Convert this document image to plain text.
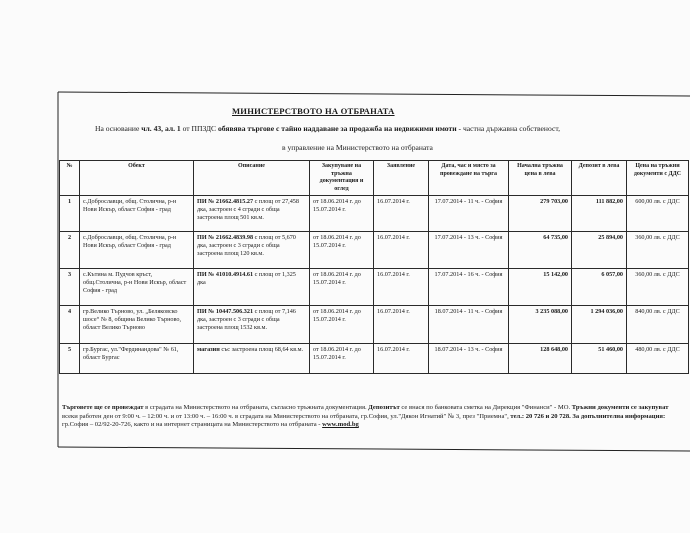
МИНИСТЕРСТВОТО НА ОТБРАНАТА
На основание чл. 43, ал. 1 от ППЗДС обявява търгове с тайно наддаване за продажба на недвижими имоти - частна държавна собственост,
в управление на Министерството на отбраната
№	Обект	Описание	Закупуване на тръжна документация и оглед	Заявление	Дата, час и място за провеждане на търга	Начална тръжна цена в лева	Депозит в лева	Цена на тръжни документи с ДДС
1	с.Доброславци, общ. Столична, р-н Нови Искър, област София - град	ПИ № 21662.4815.27 с площ от 27,458 дка, застроен с 4 сгради с обща застроена площ 501 кв.м.	от 18.06.2014 г. до 15.07.2014 г.	16.07.2014 г.	17.07.2014 - 11 ч. - София	279 703,00	111 882,00	600,00 лв. с ДДС
2	с.Доброславци, общ. Столична, р-н Нови Искър, област София - град	ПИ № 21662.4839.98 с площ от 5,670 дка, застроен с 3 сгради с обща застроена площ 120 кв.м.	от 18.06.2014 г. до 15.07.2014 г.	16.07.2014 г.	17.07.2014 - 13 ч. - София	64 735,00	25 894,00	360,00 лв. с ДДС
3	с.Кътина м. Пудчов кръст, общ.Столична, р-н Нови Искър, област София - град	ПИ № 41010.4914.61 с площ от 1,325 дка	от 18.06.2014 г. до 15.07.2014 г.	16.07.2014 г.	17.07.2014 - 16 ч. - София	15 142,00	6 057,00	360,00 лв. с ДДС
4	гр.Велико Търново, ул. „Беляковско шосе“ № 8, община Велико Търново, област Велико Търново	ПИ № 10447.506.321 с площ от 7,146 дка, застроен с 3 сгради с обща застроена площ 1532 кв.м.	от 18.06.2014 г. до 15.07.2014 г.	16.07.2014 г.	18.07.2014 - 11 ч. - София	3 235 088,00	1 294 036,00	840,00 лв. с ДДС
5	гр.Бургас, ул."Фердинандова" № 61, област Бургас	магазин със застроена площ 68,64 кв.м.	от 18.06.2014 г. до 15.07.2014 г.	16.07.2014 г.	18.07.2014 - 13 ч. - София	128 648,00	51 460,00	480,00 лв. с ДДС
Търговете ще се провеждат в сградата на Министерството на отбраната, съгласно тръжната документация. Депозитът се внася по банковата сметка на Дирекция "Финанси" - МО. Тръжни документи се закупуват всеки работен ден от 9:00 ч. – 12:00 ч. и от 13:00 ч. – 16:00 ч. в сградата на Министерството на отбраната, гр.София, ул."Дякон Игнатий" № 3, през "Приемна", тел.: 20 726 и 20 728. За допълнителна информация: гр.София – 02/92-20-726, както и на интернет страницата на Министерството на отбраната - www.mod.bg
